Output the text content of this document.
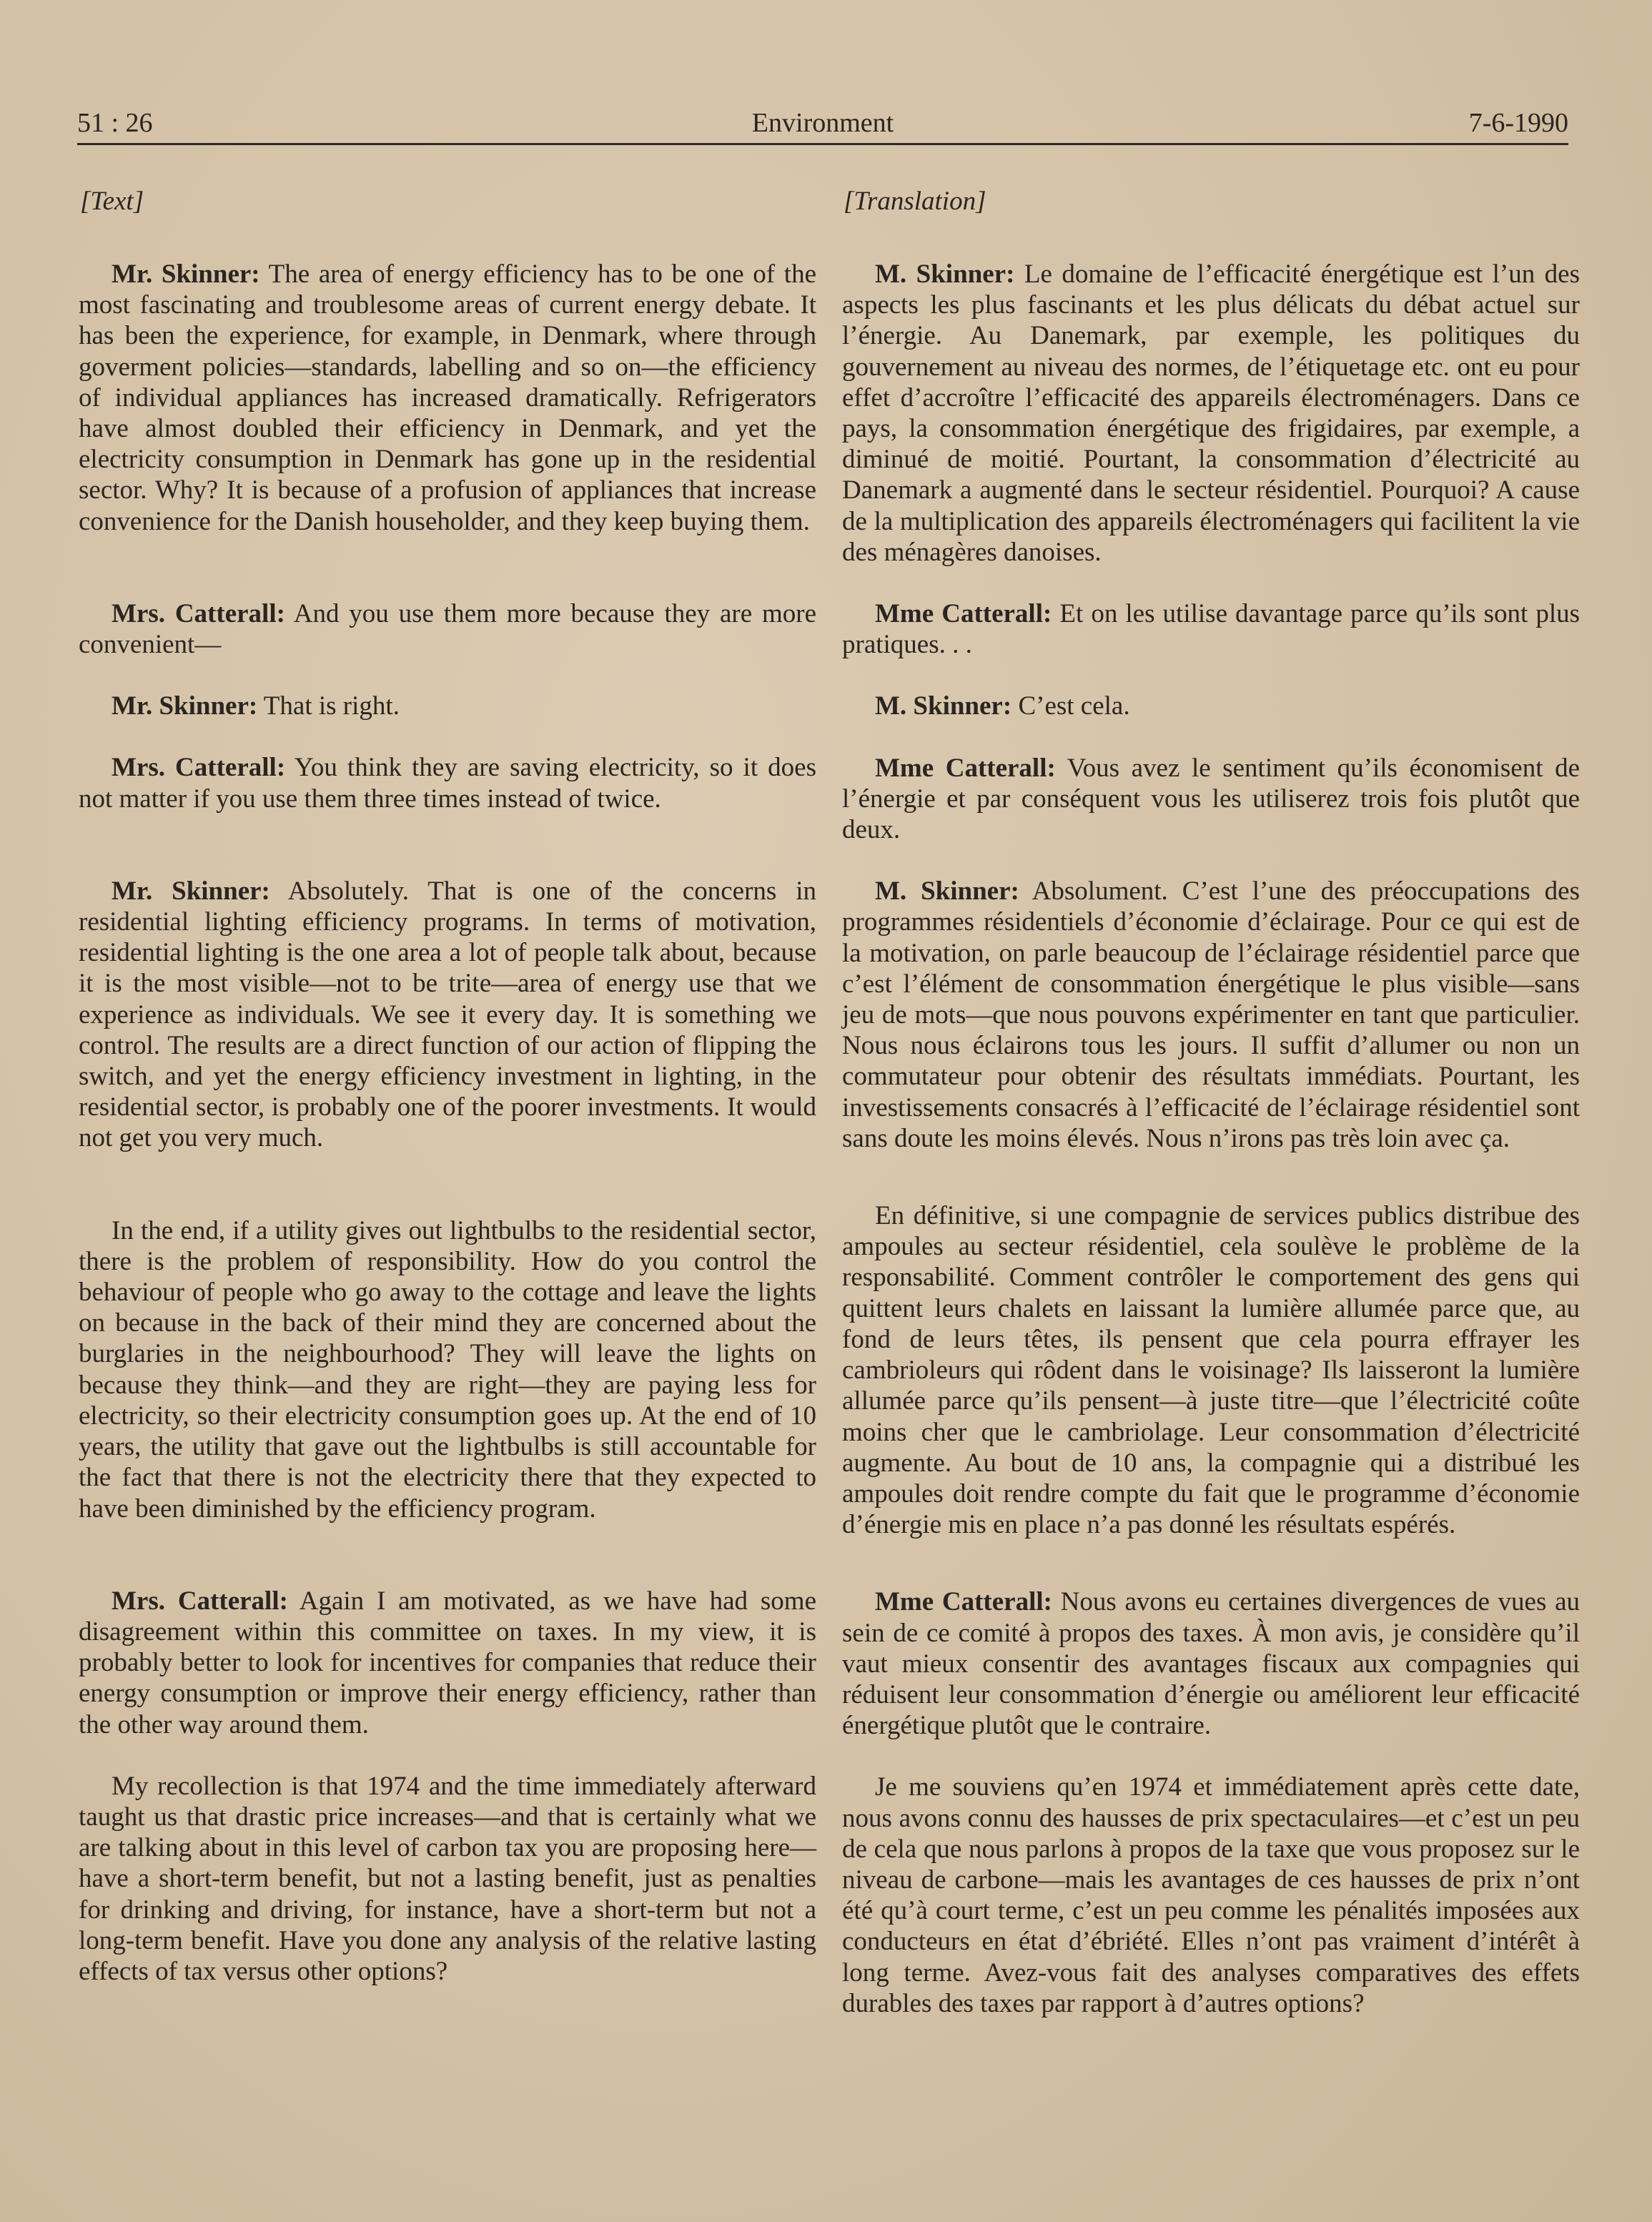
51 : 26	Environment	7-6-1990
[Text]

Mr. Skinner: The area of energy efficiency has to be one of the most fascinating and troublesome areas of current energy debate. It has been the experience, for example, in Denmark, where through goverment policies—standards, labelling and so on—the efficiency of individual appliances has increased dramatically. Refrigerators have almost doubled their efficiency in Denmark, and yet the electricity consumption in Denmark has gone up in the residential sector. Why? It is because of a profusion of appliances that increase convenience for the Danish householder, and they keep buying them.

Mrs. Catterall: And you use them more because they are more convenient—

Mr. Skinner: That is right.

Mrs. Catterall: You think they are saving electricity, so it does not matter if you use them three times instead of twice.

Mr. Skinner: Absolutely. That is one of the concerns in residential lighting efficiency programs. In terms of motivation, residential lighting is the one area a lot of people talk about, because it is the most visible—not to be trite—area of energy use that we experience as individuals. We see it every day. It is something we control. The results are a direct function of our action of flipping the switch, and yet the energy efficiency investment in lighting, in the residential sector, is probably one of the poorer investments. It would not get you very much.

In the end, if a utility gives out lightbulbs to the residential sector, there is the problem of responsibility. How do you control the behaviour of people who go away to the cottage and leave the lights on because in the back of their mind they are concerned about the burglaries in the neighbourhood? They will leave the lights on because they think—and they are right—they are paying less for electricity, so their electricity consumption goes up. At the end of 10 years, the utility that gave out the lightbulbs is still accountable for the fact that there is not the electricity there that they expected to have been diminished by the efficiency program.

Mrs. Catterall: Again I am motivated, as we have had some disagreement within this committee on taxes. In my view, it is probably better to look for incentives for companies that reduce their energy consumption or improve their energy efficiency, rather than the other way around them.

My recollection is that 1974 and the time immediately afterward taught us that drastic price increases—and that is certainly what we are talking about in this level of carbon tax you are proposing here—have a short-term benefit, but not a lasting benefit, just as penalties for drinking and driving, for instance, have a short-term but not a long-term benefit. Have you done any analysis of the relative lasting effects of tax versus other options?

[Translation]

M. Skinner: Le domaine de l’efficacité énergétique est l’un des aspects les plus fascinants et les plus délicats du débat actuel sur l’énergie. Au Danemark, par exemple, les politiques du gouvernement au niveau des normes, de l’étiquetage etc. ont eu pour effet d’accroître l’efficacité des appareils électroménagers. Dans ce pays, la consommation énergétique des frigidaires, par exemple, a diminué de moitié. Pourtant, la consommation d’électricité au Danemark a augmenté dans le secteur résidentiel. Pourquoi? A cause de la multiplication des appareils électroménagers qui facilitent la vie des ménagères danoises.

Mme Catterall: Et on les utilise davantage parce qu’ils sont plus pratiques. . .

M. Skinner: C’est cela.

Mme Catterall: Vous avez le sentiment qu’ils économisent de l’énergie et par conséquent vous les utiliserez trois fois plutôt que deux.

M. Skinner: Absolument. C’est l’une des préoccupations des programmes résidentiels d’économie d’éclairage. Pour ce qui est de la motivation, on parle beaucoup de l’éclairage résidentiel parce que c’est l’élément de consommation énergétique le plus visible—sans jeu de mots—que nous pouvons expérimenter en tant que particulier. Nous nous éclairons tous les jours. Il suffit d’allumer ou non un commutateur pour obtenir des résultats immédiats. Pourtant, les investissements consacrés à l’efficacité de l’éclairage résidentiel sont sans doute les moins élevés. Nous n’irons pas très loin avec ça.

En définitive, si une compagnie de services publics distribue des ampoules au secteur résidentiel, cela soulève le problème de la responsabilité. Comment contrôler le comportement des gens qui quittent leurs chalets en laissant la lumière allumée parce que, au fond de leurs têtes, ils pensent que cela pourra effrayer les cambrioleurs qui rôdent dans le voisinage? Ils laisseront la lumière allumée parce qu’ils pensent—à juste titre—que l’électricité coûte moins cher que le cambriolage. Leur consommation d’électricité augmente. Au bout de 10 ans, la compagnie qui a distribué les ampoules doit rendre compte du fait que le programme d’économie d’énergie mis en place n’a pas donné les résultats espérés.

Mme Catterall: Nous avons eu certaines divergences de vues au sein de ce comité à propos des taxes. À mon avis, je considère qu’il vaut mieux consentir des avantages fiscaux aux compagnies qui réduisent leur consommation d’énergie ou améliorent leur efficacité énergétique plutôt que le contraire.

Je me souviens qu’en 1974 et immédiatement après cette date, nous avons connu des hausses de prix spectaculaires—et c’est un peu de cela que nous parlons à propos de la taxe que vous proposez sur le niveau de carbone—mais les avantages de ces hausses de prix n’ont été qu’à court terme, c’est un peu comme les pénalités imposées aux conducteurs en état d’ébriété. Elles n’ont pas vraiment d’intérêt à long terme. Avez-vous fait des analyses comparatives des effets durables des taxes par rapport à d’autres options?
